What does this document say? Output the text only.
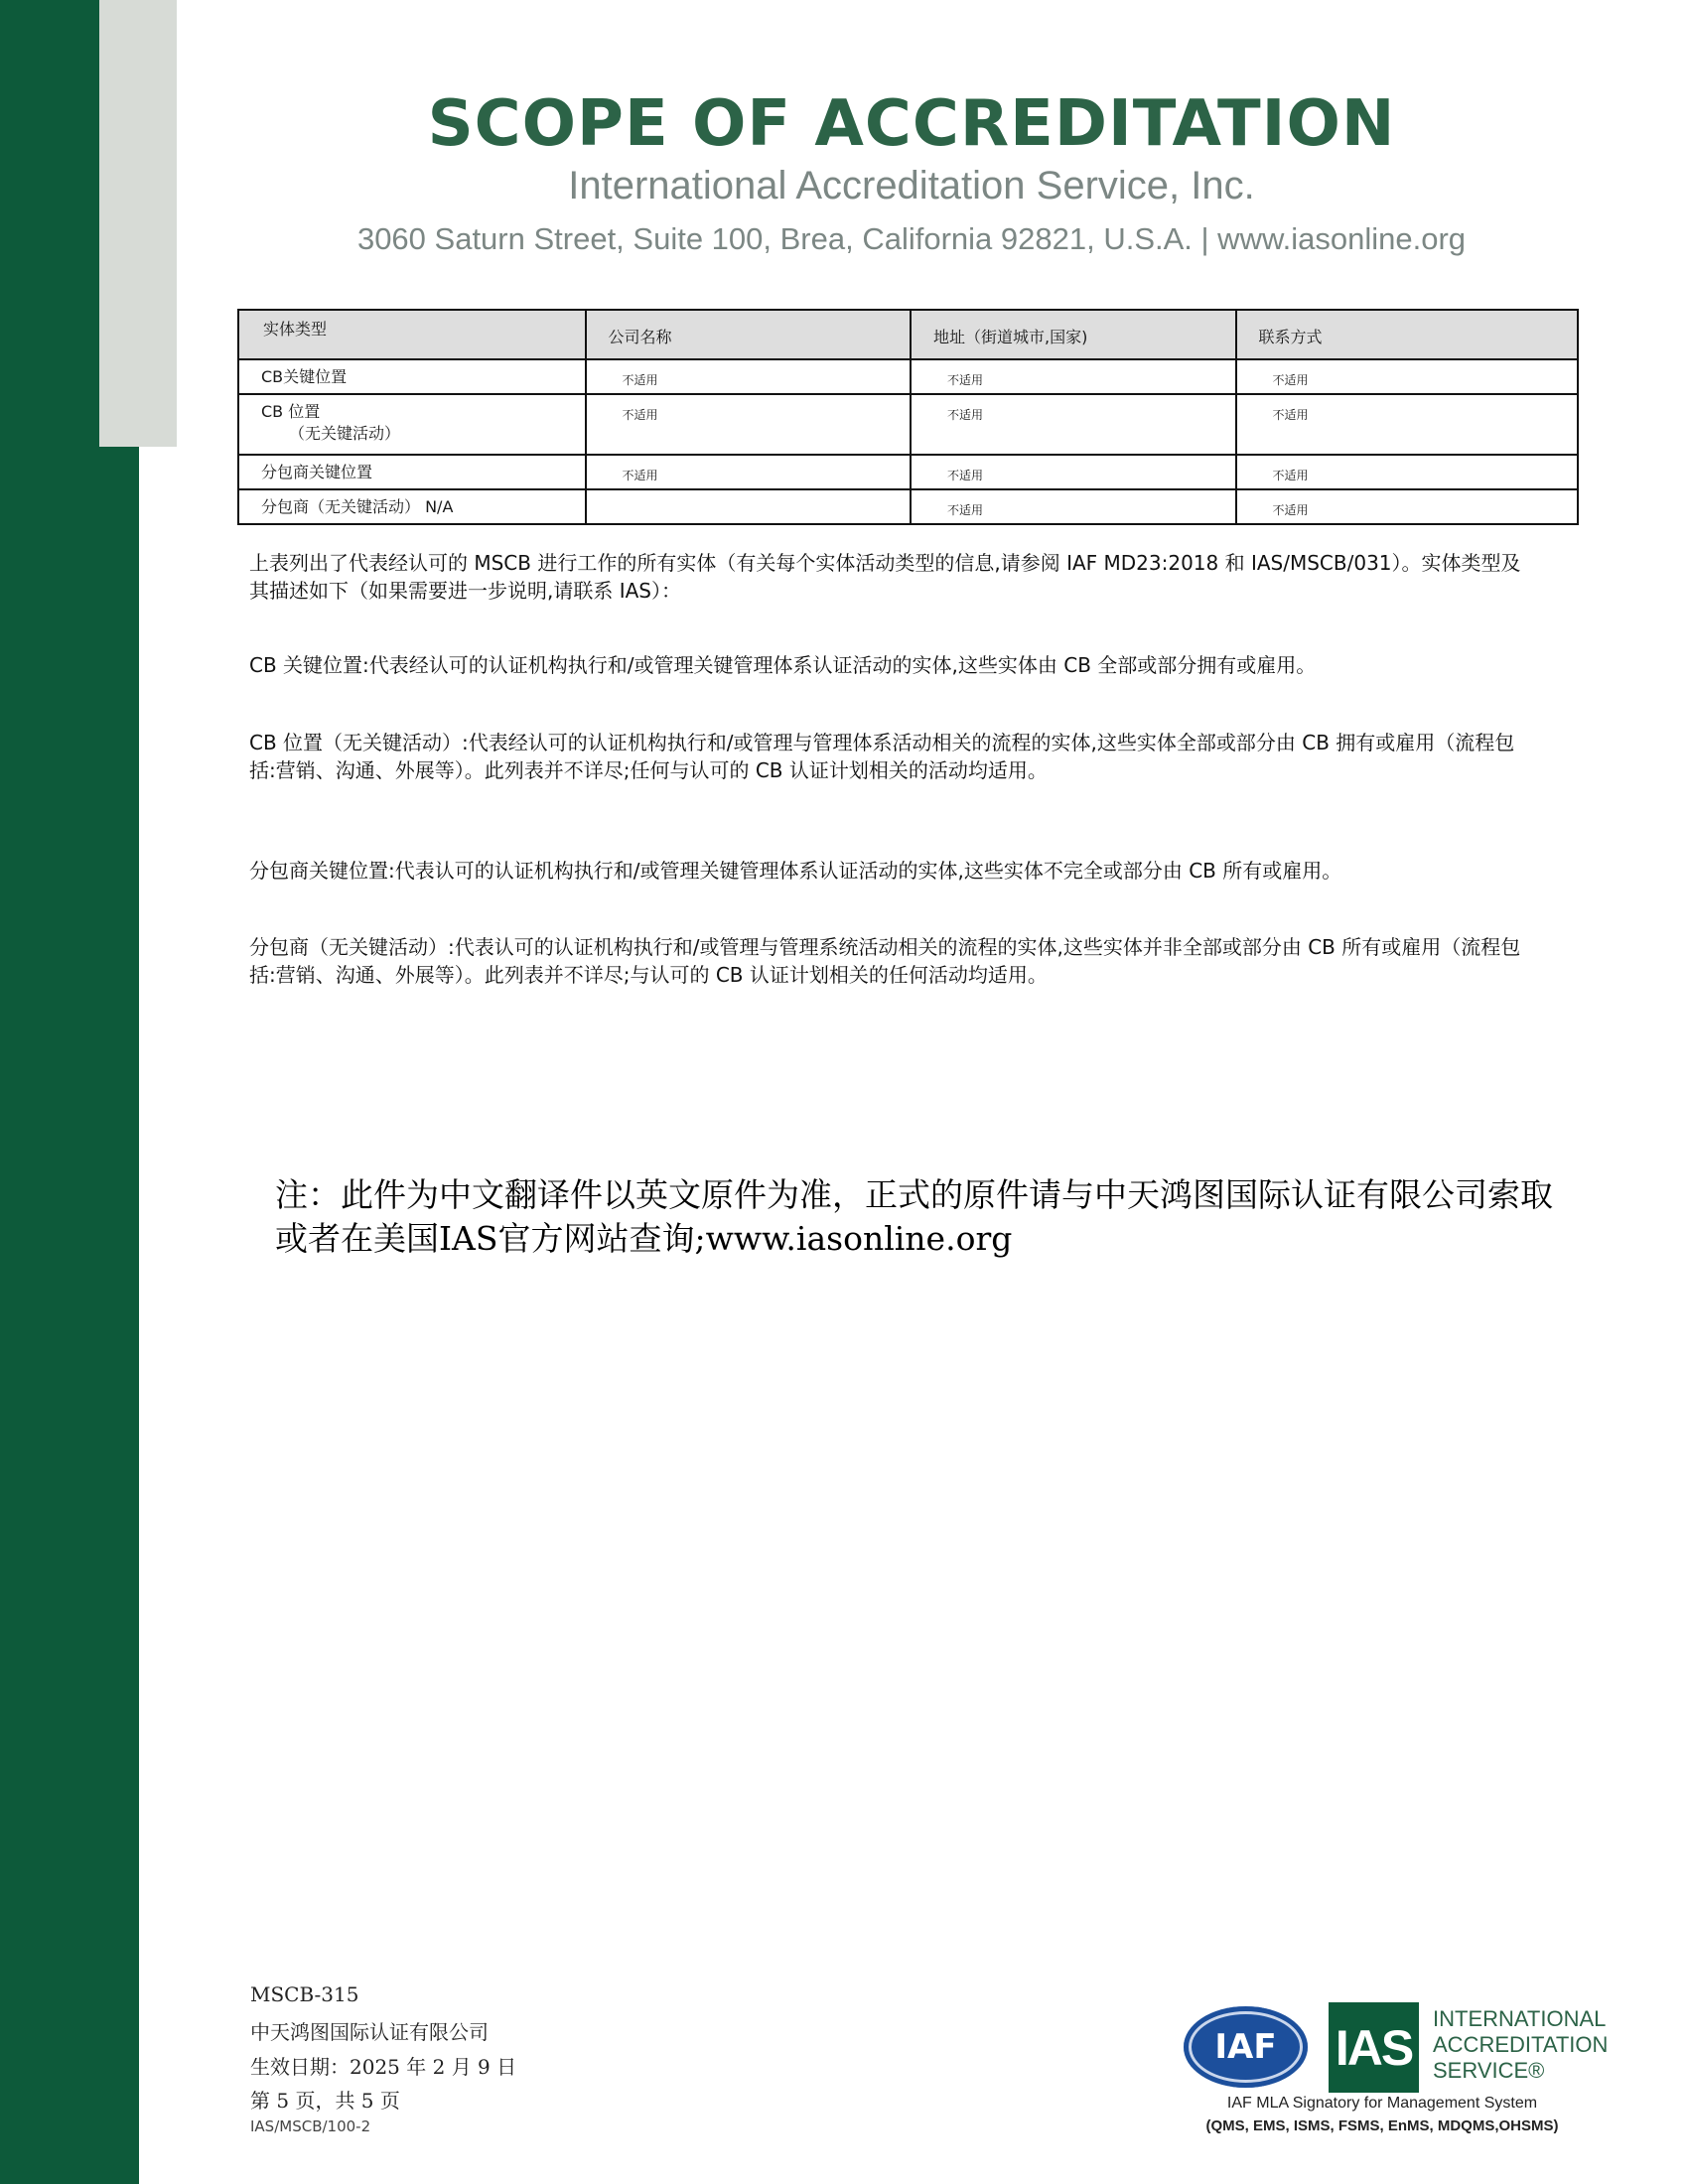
SCOPE OF ACCREDITATION
International Accreditation Service, Inc.
3060 Saturn Street, Suite 100, Brea, California 92821, U.S.A. | www.iasonline.org
实体类型	公司名称	地址（街道城市,国家)	联系方式

CB关键位置	不适用	不适用	不适用

CB 位置
（无关键活动）	不适用	不适用	不适用

分包商关键位置	不适用	不适用	不适用

分包商（无关键活动） N/A		不适用	不适用
上表列出了代表经认可的 MSCB 进行工作的所有实体（有关每个实体活动类型的信息,请参阅 IAF MD23:2018 和 IAS/MSCB/031）。实体类型及其描述如下（如果需要进一步说明,请联系 IAS）：
CB 关键位置:代表经认可的认证机构执行和/或管理关键管理体系认证活动的实体,这些实体由 CB 全部或部分拥有或雇用。
CB 位置（无关键活动）:代表经认可的认证机构执行和/或管理与管理体系活动相关的流程的实体,这些实体全部或部分由 CB 拥有或雇用（流程包括:营销、沟通、外展等）。此列表并不详尽;任何与认可的 CB 认证计划相关的活动均适用。
分包商关键位置:代表认可的认证机构执行和/或管理关键管理体系认证活动的实体,这些实体不完全或部分由 CB 所有或雇用。
分包商（无关键活动）:代表认可的认证机构执行和/或管理与管理系统活动相关的流程的实体,这些实体并非全部或部分由 CB 所有或雇用（流程包括:营销、沟通、外展等）。此列表并不详尽;与认可的 CB 认证计划相关的任何活动均适用。
注：此件为中文翻译件以英文原件为准，正式的原件请与中天鸿图国际认证有限公司索取或者在美国IAS官方网站查询;www.iasonline.org
MSCB-315
中天鸿图国际认证有限公司
生效日期：2025 年 2 月 9 日
第 5 页，共 5 页
IAS/MSCB/100-2
IAF	IAS
INTERNATIONAL
ACCREDITATION
SERVICE®
IAF MLA Signatory for Management System
(QMS, EMS, ISMS, FSMS, EnMS, MDQMS,OHSMS)
